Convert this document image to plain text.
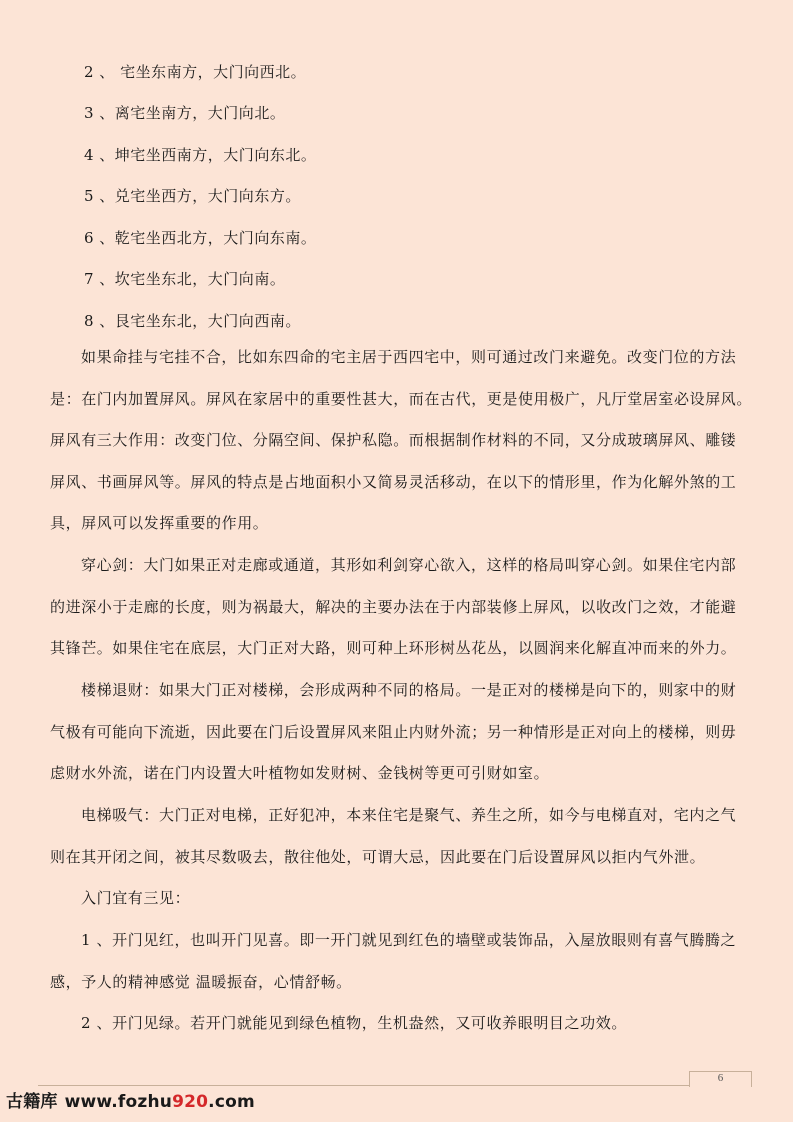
2 、 宅坐东南方，大门向西北。
3 、离宅坐南方，大门向北。
4 、坤宅坐西南方，大门向东北。
5 、兑宅坐西方，大门向东方。
6 、乾宅坐西北方，大门向东南。
7 、坎宅坐东北，大门向南。
8 、艮宅坐东北，大门向西南。
如果命挂与宅挂不合，比如东四命的宅主居于西四宅中，则可通过改门来避免。改变门位的方法
是：在门内加置屏风。屏风在家居中的重要性甚大，而在古代，更是使用极广，凡厅堂居室必设屏风。
屏风有三大作用：改变门位、分隔空间、保护私隐。而根据制作材料的不同，又分成玻璃屏风、雕镂
屏风、书画屏风等。屏风的特点是占地面积小又简易灵活移动，在以下的情形里，作为化解外煞的工
具，屏风可以发挥重要的作用。
穿心剑：大门如果正对走廊或通道，其形如利剑穿心欲入，这样的格局叫穿心剑。如果住宅内部
的进深小于走廊的长度，则为祸最大，解决的主要办法在于内部装修上屏风，以收改门之效，才能避
其锋芒。如果住宅在底层，大门正对大路，则可种上环形树丛花丛，以圆润来化解直冲而来的外力。
楼梯退财：如果大门正对楼梯，会形成两种不同的格局。一是正对的楼梯是向下的，则家中的财
气极有可能向下流逝，因此要在门后设置屏风来阻止内财外流；另一种情形是正对向上的楼梯，则毋
虑财水外流，诺在门内设置大叶植物如发财树、金钱树等更可引财如室。
电梯吸气：大门正对电梯，正好犯冲，本来住宅是聚气、养生之所，如今与电梯直对，宅内之气
则在其开闭之间，被其尽数吸去，散往他处，可谓大忌，因此要在门后设置屏风以拒内气外泄。
入门宜有三见：
1 、开门见红，也叫开门见喜。即一开门就见到红色的墙壁或装饰品，入屋放眼则有喜气腾腾之
感，予人的精神感觉 温暖振奋，心情舒畅。
2 、开门见绿。若开门就能见到绿色植物，生机盎然，又可收养眼明目之功效。
6
古籍库 www.fozhu920.com
